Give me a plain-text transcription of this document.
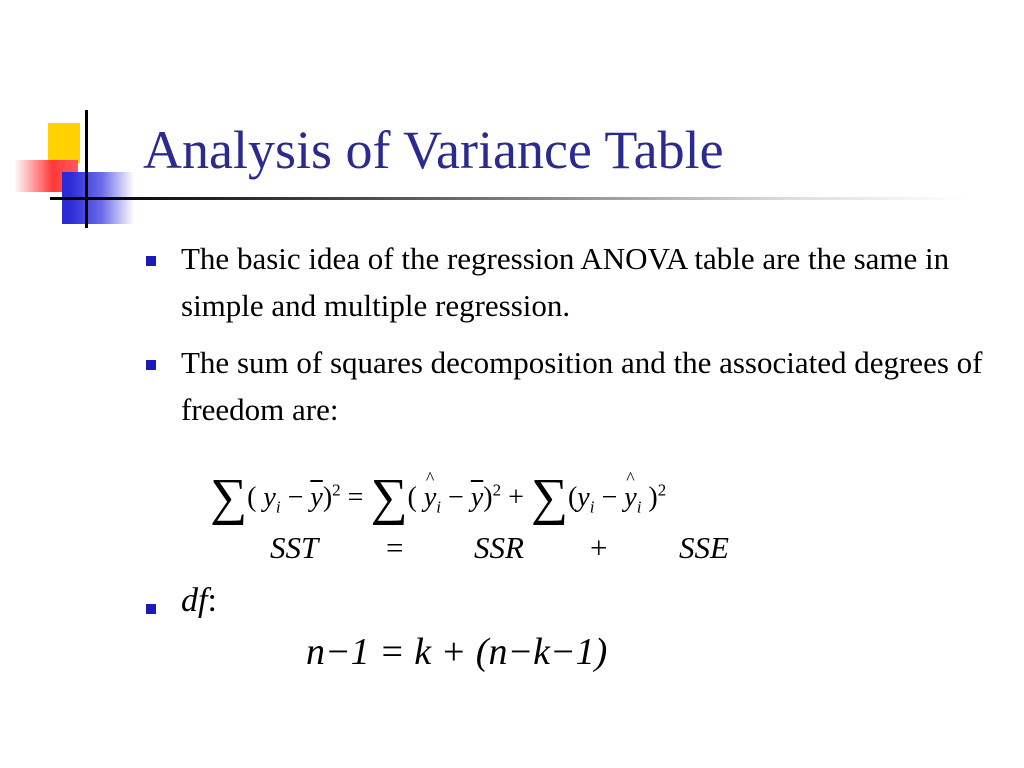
Analysis of Variance Table
The basic idea of the regression ANOVA table are the same in simple and multiple regression.
The sum of squares decomposition and the associated degrees of freedom are:
∑( $y_i - \overline{y})^2$ = ∑( ^ $y_i - \overline{y})^2 + \sum(y_i$ − ^ $y_i$ )$^2$
SST = SSR + SSE
df:
n−1 = k + (n−k−1)
